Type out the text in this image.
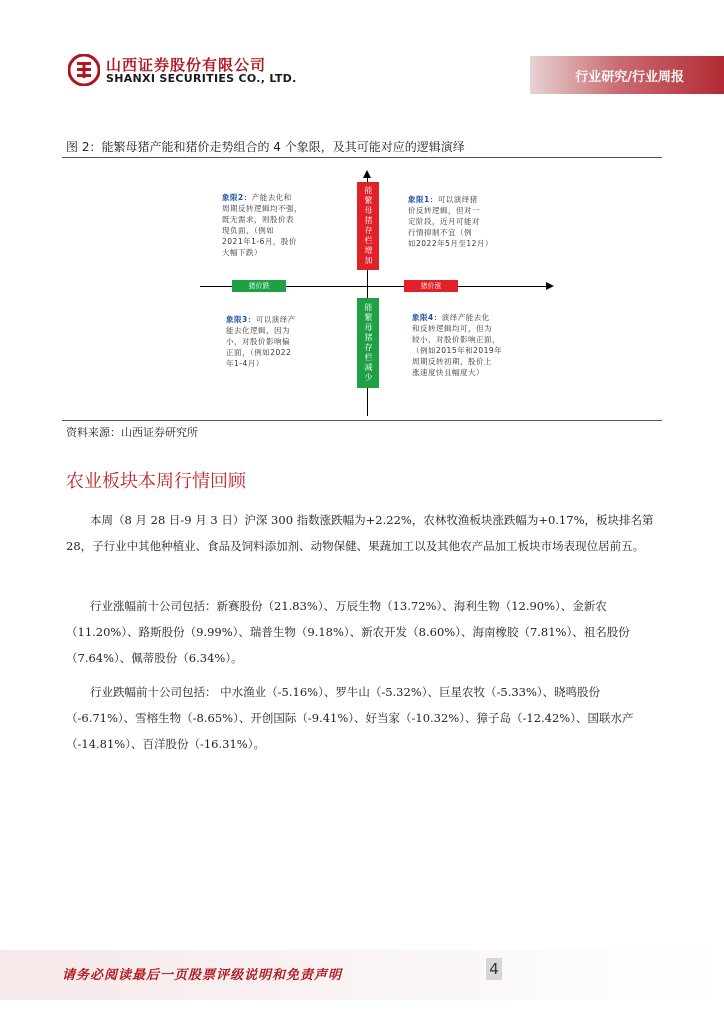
山西证券股份有限公司
SHANXI SECURITIES CO., LTD.	行业研究/行业周报
图 2：能繁母猪产能和猪价走势组合的 4 个象限，及其可能对应的逻辑演绎
能繁母猪存栏增加
能繁母猪存栏减少
猪价跌	猪价涨
象限2：产能去化和
周期反转逻辑均不强，
既无需求，则股价表
现负面，（例如
2021年1-6月，股价
大幅下跌）
象限1：可以演绎猪
价反转逻辑，但对一
定阶段，近月可能对
行情抑制不宜（例
如2022年5月至12月）
象限3：可以演绎产
能去化逻辑，因为
小，对股价影响偏
正面，（例如2022
年1-4月）
象限4：演绎产能去化
和反转逻辑均可，但为
较小，对股价影响正面，
（例如2015年和2019年
周期反转初期，股价上
涨速度快且幅度大）
资料来源：山西证券研究所
农业板块本周行情回顾
本周（8 月 28 日-9 月 3 日）沪深 300 指数涨跌幅为+2.22%，农林牧渔板块涨跌幅为+0.17%，板块排名第 28，子行业中其他种植业、食品及饲料添加剂、动物保健、果蔬加工以及其他农产品加工板块市场表现位居前五。
行业涨幅前十公司包括：新赛股份（21.83%）、万辰生物（13.72%）、海利生物（12.90%）、金新农（11.20%）、路斯股份（9.99%）、瑞普生物（9.18%）、新农开发（8.60%）、海南橡胶（7.81%）、祖名股份（7.64%）、佩蒂股份（6.34%）。
行业跌幅前十公司包括： 中水渔业（-5.16%）、罗牛山（-5.32%）、巨星农牧（-5.33%）、晓鸣股份（-6.71%）、雪榕生物（-8.65%）、开创国际（-9.41%）、好当家（-10.32%）、獐子岛（-12.42%）、国联水产（-14.81%）、百洋股份（-16.31%）。
请务必阅读最后一页股票评级说明和免责声明	4
